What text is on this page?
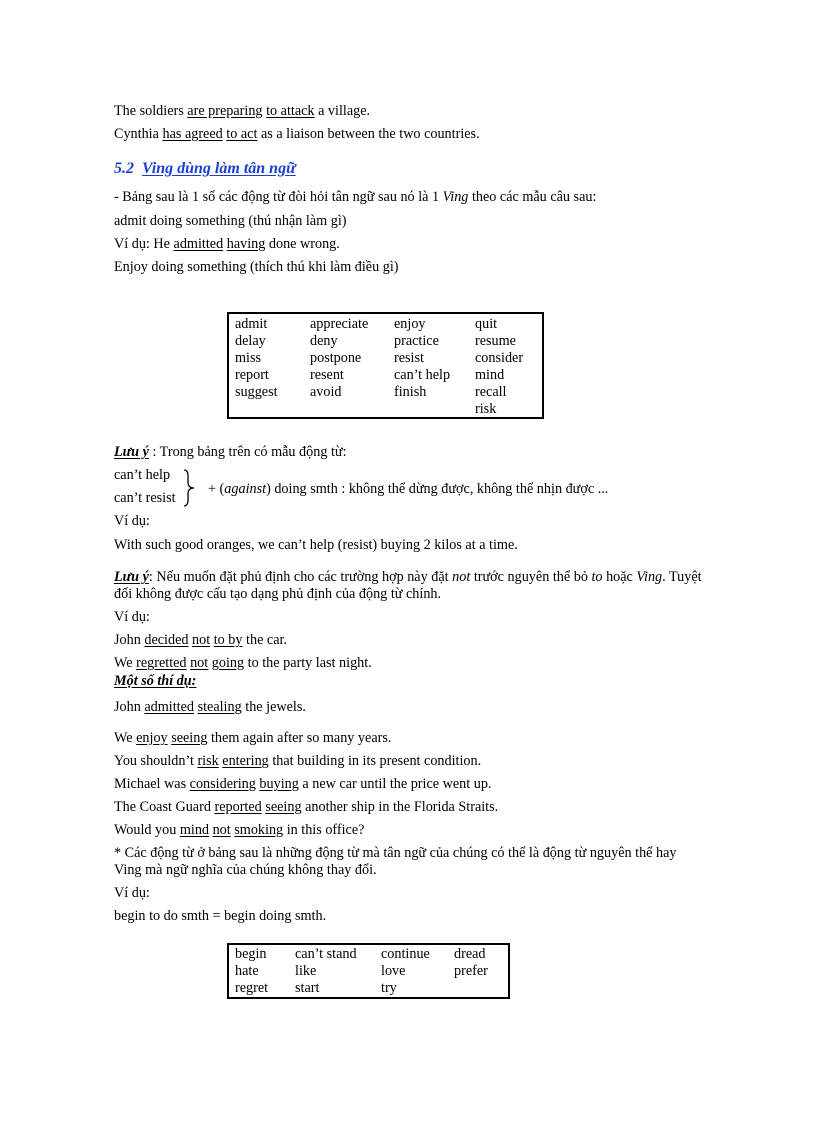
The soldiers are preparing to attack a village.
Cynthia has agreed to act as a liaison between the two countries.
5.2 Ving dùng làm tân ngữ
- Bảng sau là 1 số các động từ đòi hỏi tân ngữ sau nó là 1 Ving theo các mẫu câu sau:
admit doing something (thú nhận làm gì)
Ví dụ: He admitted having done wrong.
Enjoy doing something (thích thú khi làm điều gì)
admit
delay
miss
report
suggest
appreciate
deny
postpone
resent
avoid
enjoy
practice
resist
can’t help
finish
quit
resume
consider
mind
recall
risk
Lưu ý : Trong bảng trên có mẫu động từ:
can’t help
can’t resist
+ (against) doing smth : không thể dừng được, không thể nhịn được ...
Ví dụ:
With such good oranges, we can’t help (resist) buying 2 kilos at a time.
Lưu ý: Nếu muốn đặt phủ định cho các trường hợp này đặt not trước nguyên thể bỏ to hoặc Ving. Tuyệt
đối không được cấu tạo dạng phủ định của động từ chính.
Ví dụ:
John decided not to by the car.
We regretted not going to the party last night.
Một số thí dụ:
John admitted stealing the jewels.
We enjoy seeing them again after so many years.
You shouldn’t risk entering that building in its present condition.
Michael was considering buying a new car until the price went up.
The Coast Guard reported seeing another ship in the Florida Straits.
Would you mind not smoking in this office?
* Các động từ ở bảng sau là những động từ mà tân ngữ của chúng có thể là động từ nguyên thể hay
Ving mà ngữ nghĩa của chúng không thay đổi.
Ví dụ:
begin to do smth = begin doing smth.
begin
hate
regret
can’t stand
like
start
continue
love
try
dread
prefer
